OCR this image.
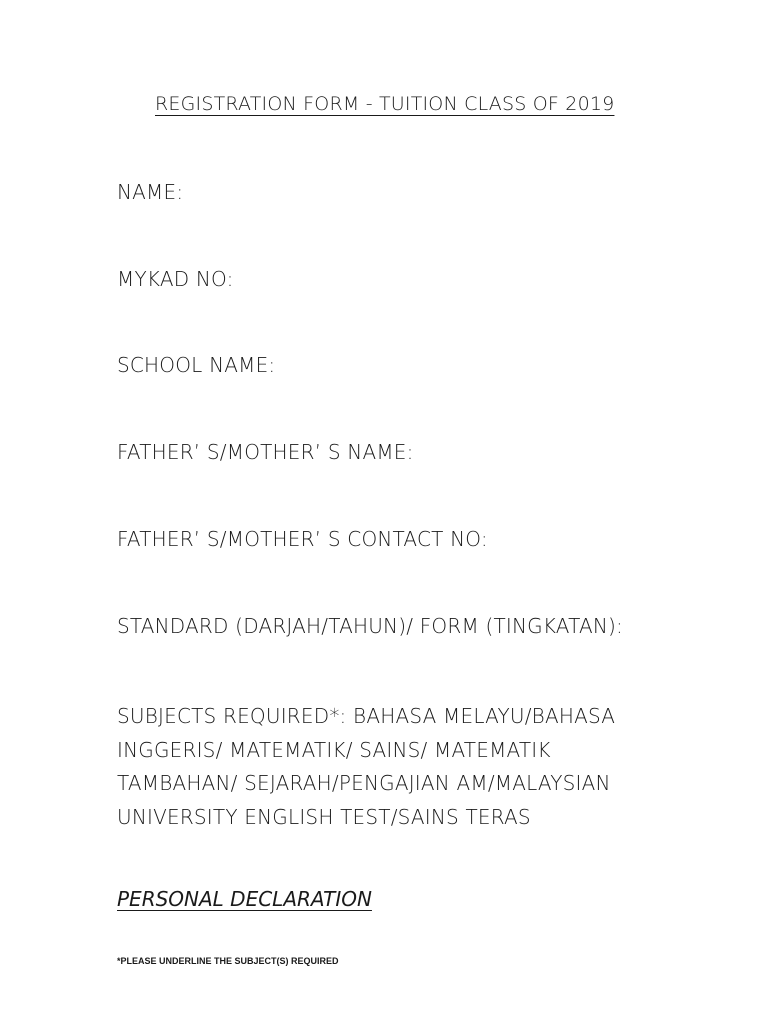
REGISTRATION FORM - TUITION CLASS OF 2019
NAME:
MYKAD NO:
SCHOOL NAME:
FATHER’ S/MOTHER’ S NAME:
FATHER’ S/MOTHER’ S CONTACT NO:
STANDARD (DARJAH/TAHUN)/ FORM (TINGKATAN):
SUBJECTS REQUIRED*: BAHASA MELAYU/BAHASA
INGGERIS/ MATEMATIK/ SAINS/ MATEMATIK
TAMBAHAN/ SEJARAH/PENGAJIAN AM/MALAYSIAN
UNIVERSITY ENGLISH TEST/SAINS TERAS
PERSONAL DECLARATION
*PLEASE UNDERLINE THE SUBJECT(S) REQUIRED
